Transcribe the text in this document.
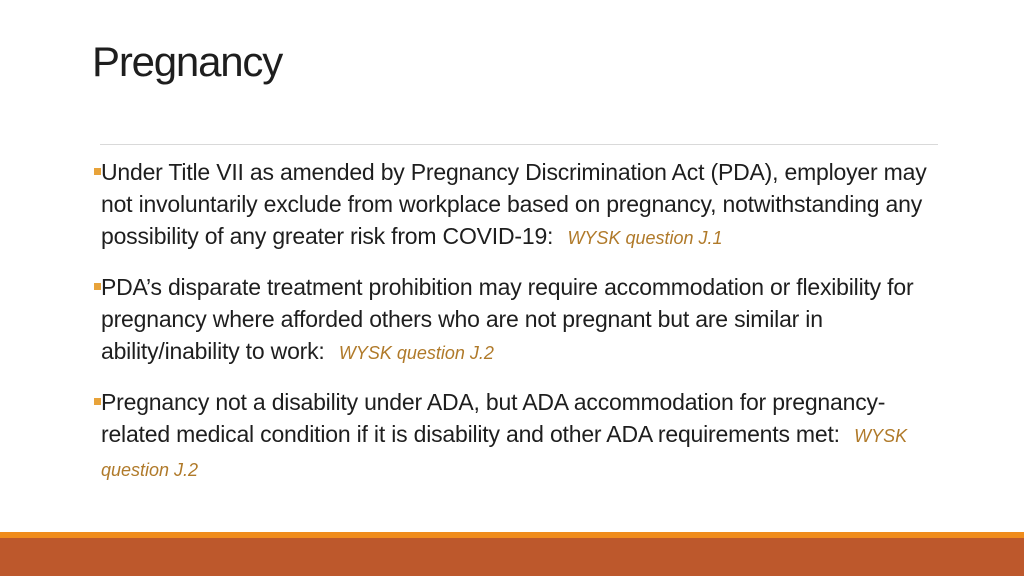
Pregnancy
Under Title VII as amended by Pregnancy Discrimination Act (PDA), employer may not involuntarily exclude from workplace based on pregnancy, notwithstanding any possibility of any greater risk from COVID-19: WYSK question J.1
PDA’s disparate treatment prohibition may require accommodation or flexibility for pregnancy where afforded others who are not pregnant but are similar in ability/inability to work: WYSK question J.2
Pregnancy not a disability under ADA, but ADA accommodation for pregnancy-related medical condition if it is disability and other ADA requirements met: WYSK question J.2
